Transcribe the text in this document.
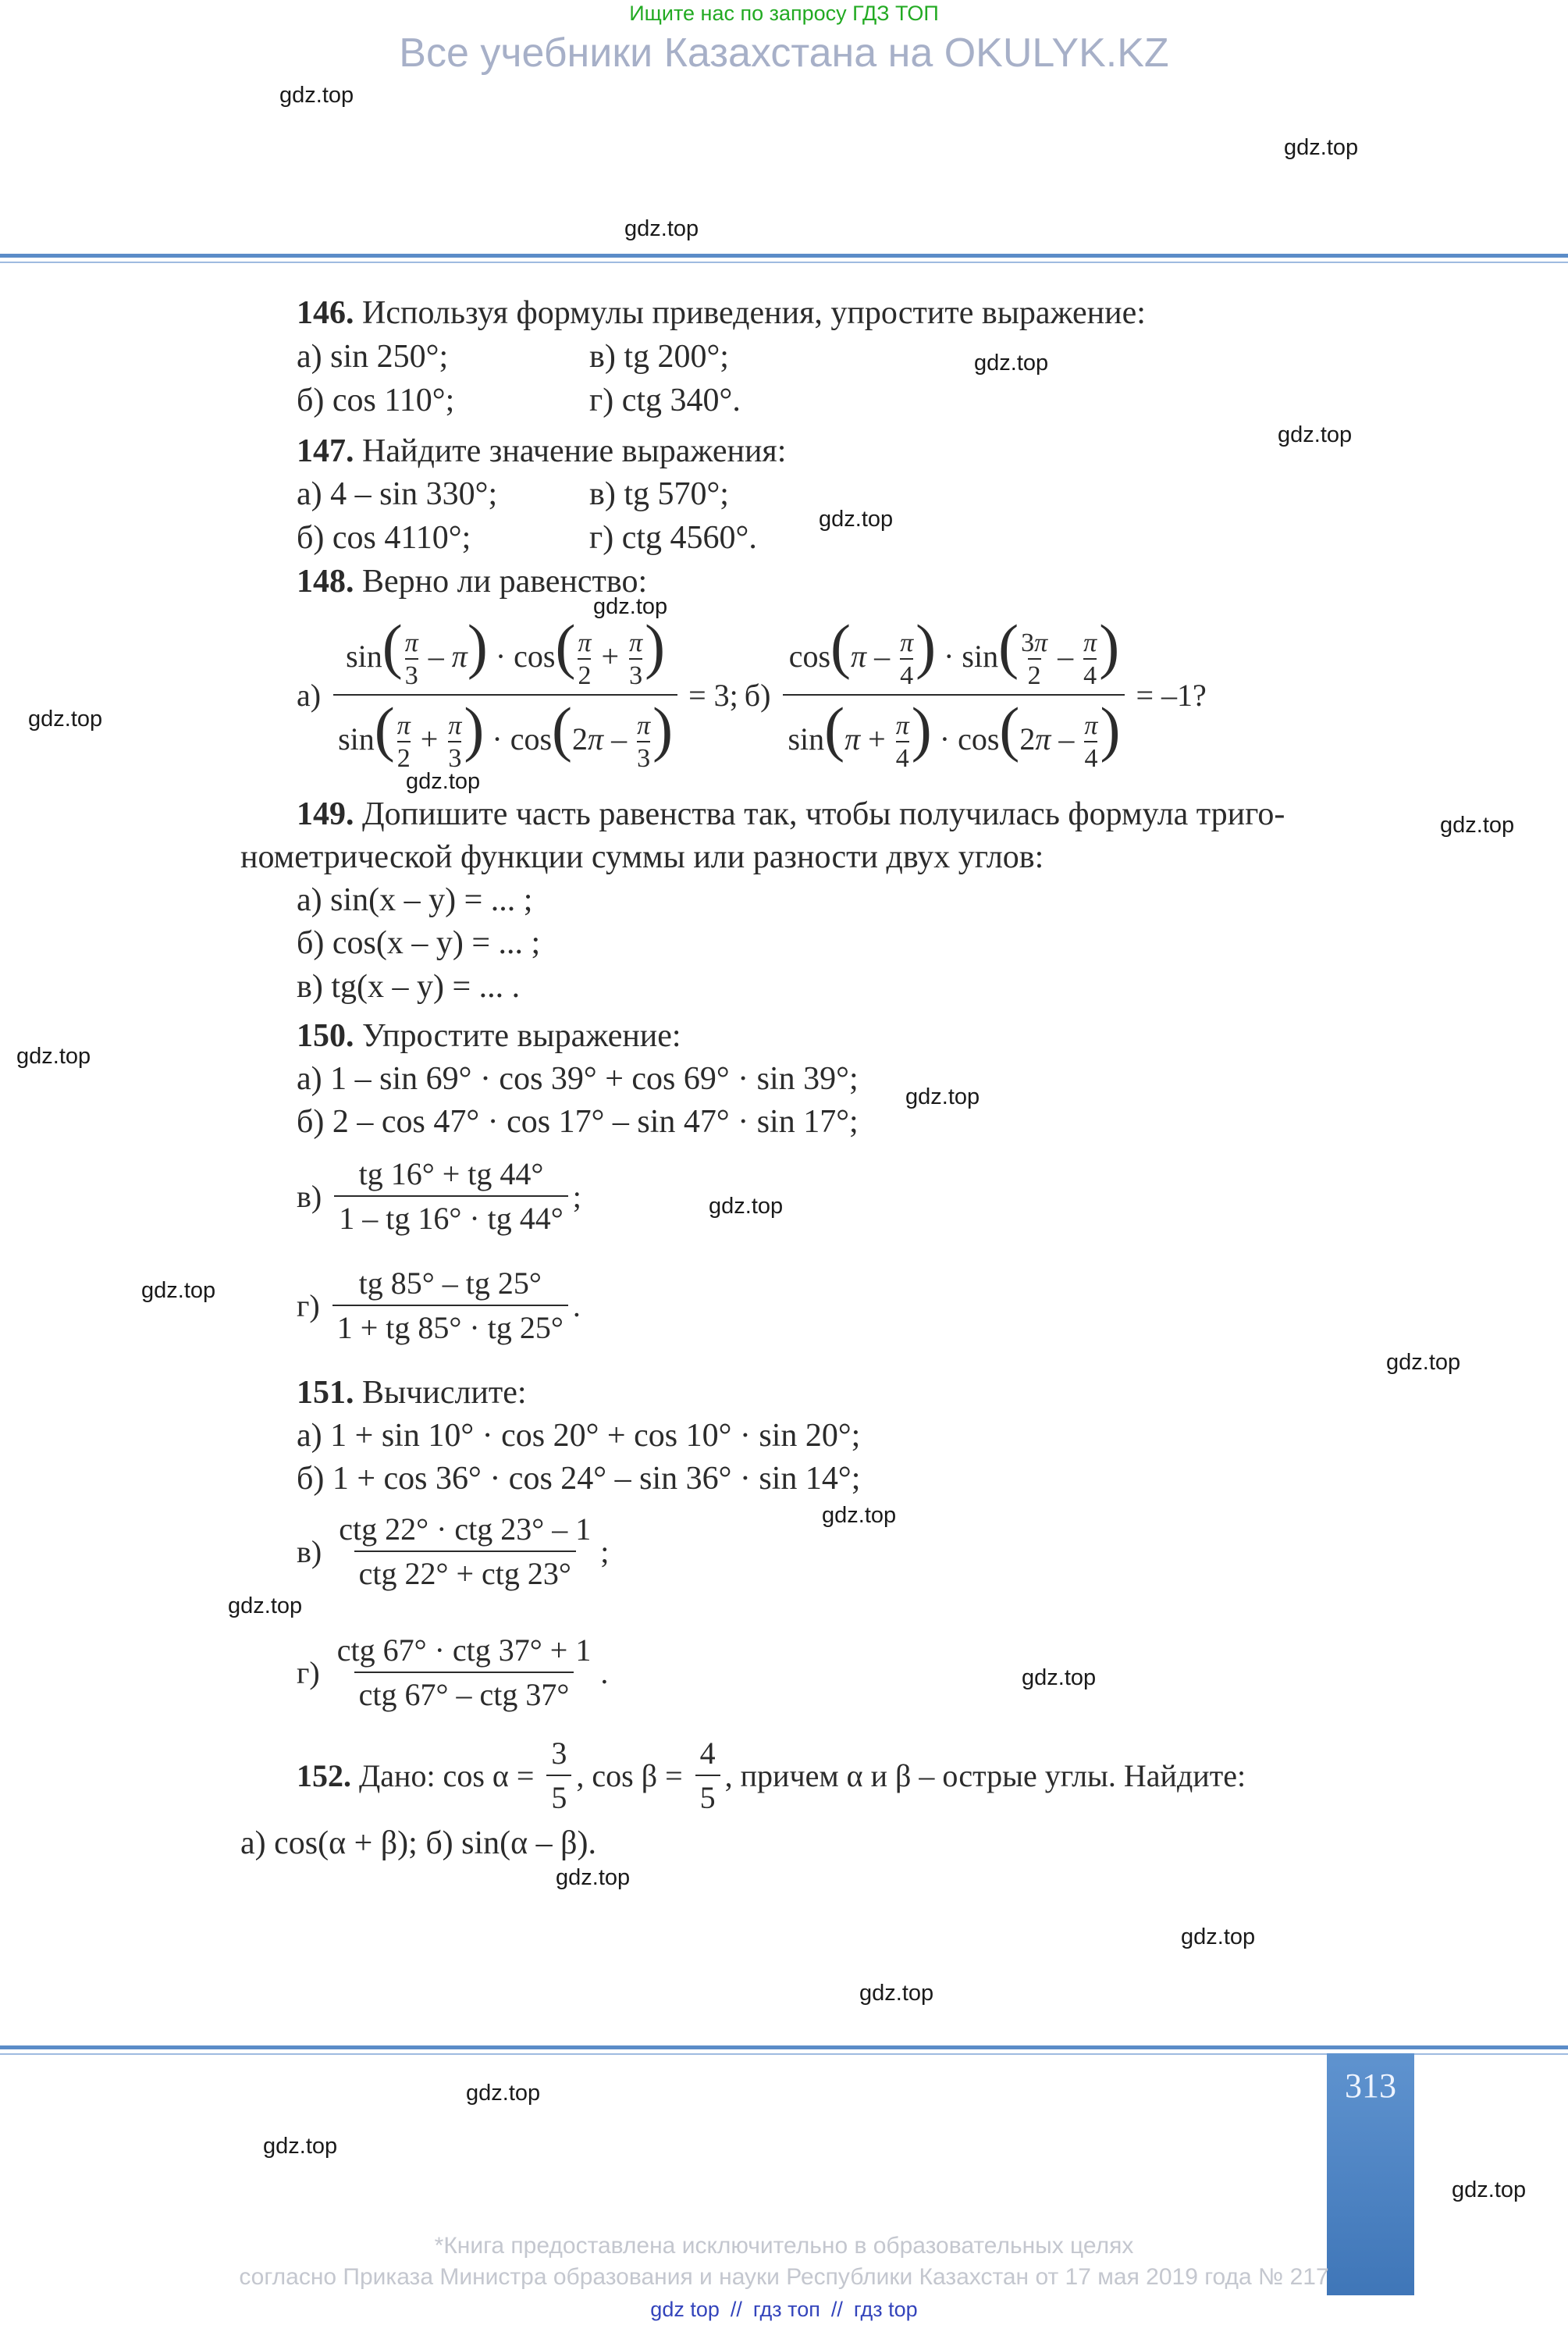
Ищите нас по запросу ГДЗ ТОП
Все учебники Казахстана на OKULYK.KZ
146. Используя формулы приведения, упростите выражение:
а) sin 250°;	в) tg 200°;
б) cos 110°;	г) ctg 340°.
147. Найдите значение выражения:
а) 4 – sin 330°;	в) tg 570°;
б) cos 4110°;	г) ctg 4560°.
148. Верно ли равенство:
$а) \frac{\sin( \frac{\pi}{3} - \pi) \cdot \cos( \frac{\pi}{2} + \frac{\pi}{3} )}{\sin( \frac{\pi}{2} + \frac{\pi}{3} ) \cdot \cos(2\pi - \frac{\pi}{3} )} = 3$; $б) \frac{\cos(\pi - \frac{\pi}{4} ) \cdot \sin( \frac{3\pi}{2} - \frac{\pi}{4} )}{\sin(\pi + \frac{\pi}{4} ) \cdot \cos(2\pi - \frac{\pi}{4} )} = -1$?
149. Допишите часть равенства так, чтобы получилась формула триго-
нометрической функции суммы или разности двух углов:
а) sin(x – y) = ... ;
б) cos(x – y) = ... ;
в) tg(x – y) = ... .
150. Упростите выражение:
а) 1 – sin 69° · cos 39° + cos 69° · sin 39°;
б) 2 – cos 47° · cos 17° – sin 47° · sin 17°;
$в) \frac{tg 16^\circ + tg 44^\circ}{1 - tg 16^\circ \cdot tg 44^\circ}$ ;
$г) \frac{tg 85^\circ - tg 25^\circ}{1 + tg 85^\circ \cdot tg 25^\circ}$ .
151. Вычислите:
а) 1 + sin 10° · cos 20° + cos 10° · sin 20°;
б) 1 + cos 36° · cos 24° – sin 36° · sin 14°;
$в) \frac{\text{ctg 22° · ctg 23° – 1}}{\text{ctg 22° + ctg 23°}}$ ;
$г) \frac{\text{ctg 67° · ctg 37° + 1}}{\text{ctg 67° – ctg 37°}}$ .
152. Дано: $\cos \alpha = \frac{3}{5}$ , $\cos \beta = \frac{4}{5}$ , причем α и β – острые углы. Найдите:
а) cos(α + β); б) sin(α – β).
313
*Книга предоставлена исключительно в образовательных целях
согласно Приказа Министра образования и науки Республики Казахстан от 17 мая 2019 года № 217
gdz top // гдз топ // гдз top
gdz.top
gdz.top
gdz.top
gdz.top
gdz.top
gdz.top
gdz.top
gdz.top
gdz.top
gdz.top
gdz.top
gdz.top
gdz.top
gdz.top
gdz.top
gdz.top
gdz.top
gdz.top
gdz.top
gdz.top
gdz.top
gdz.top
gdz.top
gdz.top
